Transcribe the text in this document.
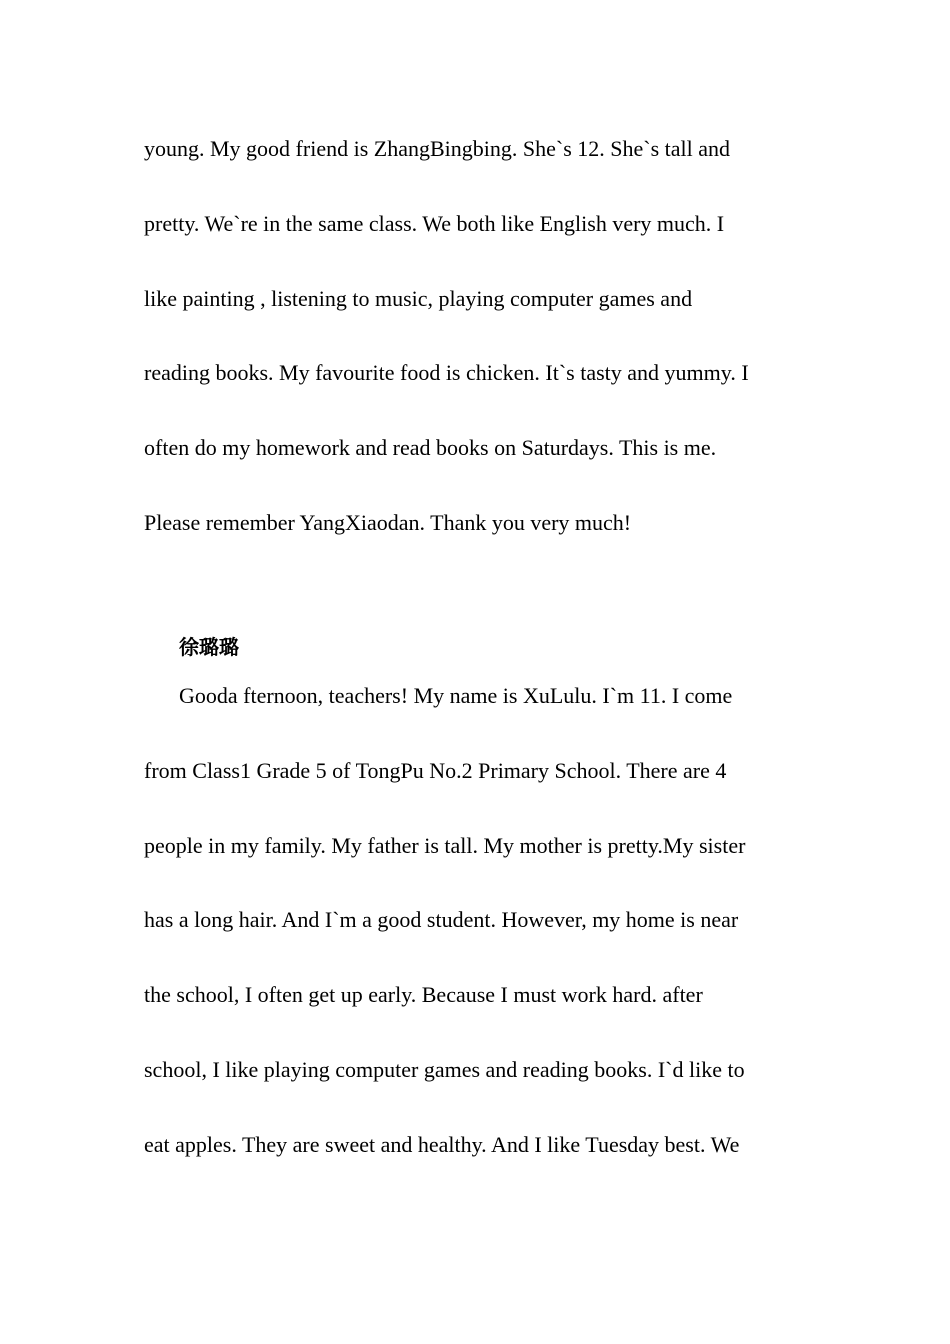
young. My good friend is ZhangBingbing. She`s 12. She`s tall and
pretty. We`re in the same class. We both like English very much. I
like painting , listening to music, playing computer games and
reading books. My favourite food is chicken. It`s tasty and yummy. I
often do my homework and read books on Saturdays. This is me.
Please remember YangXiaodan. Thank you very much!
徐璐璐
Gooda fternoon, teachers! My name is XuLulu. I`m 11. I come
from Class1 Grade 5 of TongPu No.2 Primary School. There are 4
people in my family. My father is tall. My mother is pretty.My sister
has a long hair. And I`m a good student. However, my home is near
the school, I often get up early. Because I must work hard. after
school, I like playing computer games and reading books. I`d like to
eat apples. They are sweet and healthy. And I like Tuesday best. We
